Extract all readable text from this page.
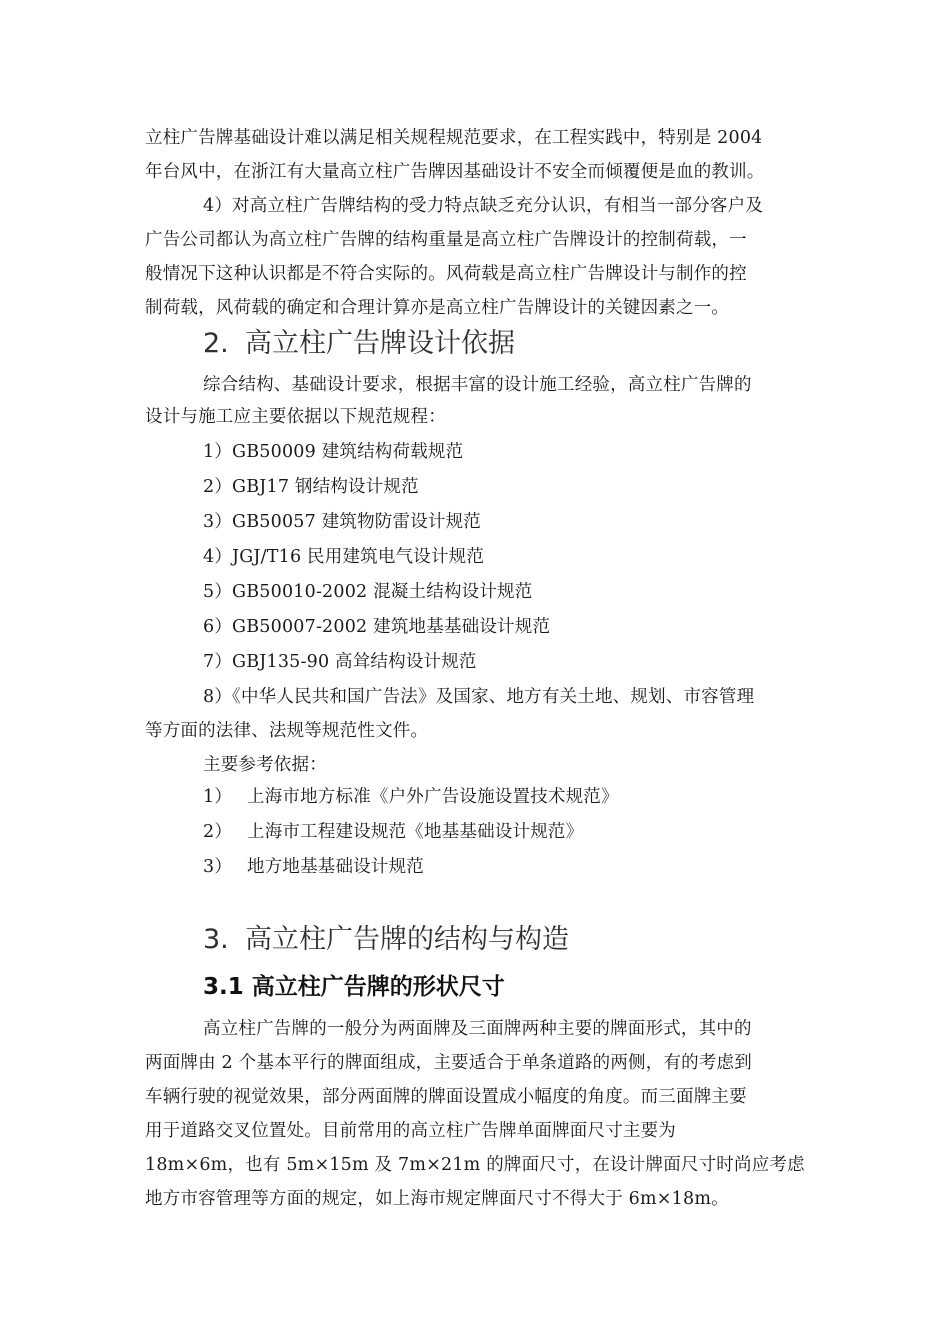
立柱广告牌基础设计难以满足相关规程规范要求，在工程实践中，特别是 2004
年台风中，在浙江有大量高立柱广告牌因基础设计不安全而倾覆便是血的教训。
4）对高立柱广告牌结构的受力特点缺乏充分认识，有相当一部分客户及
广告公司都认为高立柱广告牌的结构重量是高立柱广告牌设计的控制荷载，一
般情况下这种认识都是不符合实际的。风荷载是高立柱广告牌设计与制作的控
制荷载，风荷载的确定和合理计算亦是高立柱广告牌设计的关键因素之一。
2. 高立柱广告牌设计依据
综合结构、基础设计要求，根据丰富的设计施工经验，高立柱广告牌的
设计与施工应主要依据以下规范规程：
1）GB50009 建筑结构荷载规范
2）GBJ17 钢结构设计规范
3）GB50057 建筑物防雷设计规范
4）JGJ/T16 民用建筑电气设计规范
5）GB50010-2002 混凝土结构设计规范
6）GB50007-2002 建筑地基基础设计规范
7）GBJ135-90 高耸结构设计规范
8）《中华人民共和国广告法》及国家、地方有关土地、规划、市容管理
等方面的法律、法规等规范性文件。
主要参考依据：
1） 上海市地方标准《户外广告设施设置技术规范》
2） 上海市工程建设规范《地基基础设计规范》
3） 地方地基基础设计规范
3. 高立柱广告牌的结构与构造
3.1 高立柱广告牌的形状尺寸
高立柱广告牌的一般分为两面牌及三面牌两种主要的牌面形式，其中的
两面牌由 2 个基本平行的牌面组成，主要适合于单条道路的两侧，有的考虑到
车辆行驶的视觉效果，部分两面牌的牌面设置成小幅度的角度。而三面牌主要
用于道路交叉位置处。目前常用的高立柱广告牌单面牌面尺寸主要为
18m×6m，也有 5m×15m 及 7m×21m 的牌面尺寸，在设计牌面尺寸时尚应考虑
地方市容管理等方面的规定，如上海市规定牌面尺寸不得大于 6m×18m。
